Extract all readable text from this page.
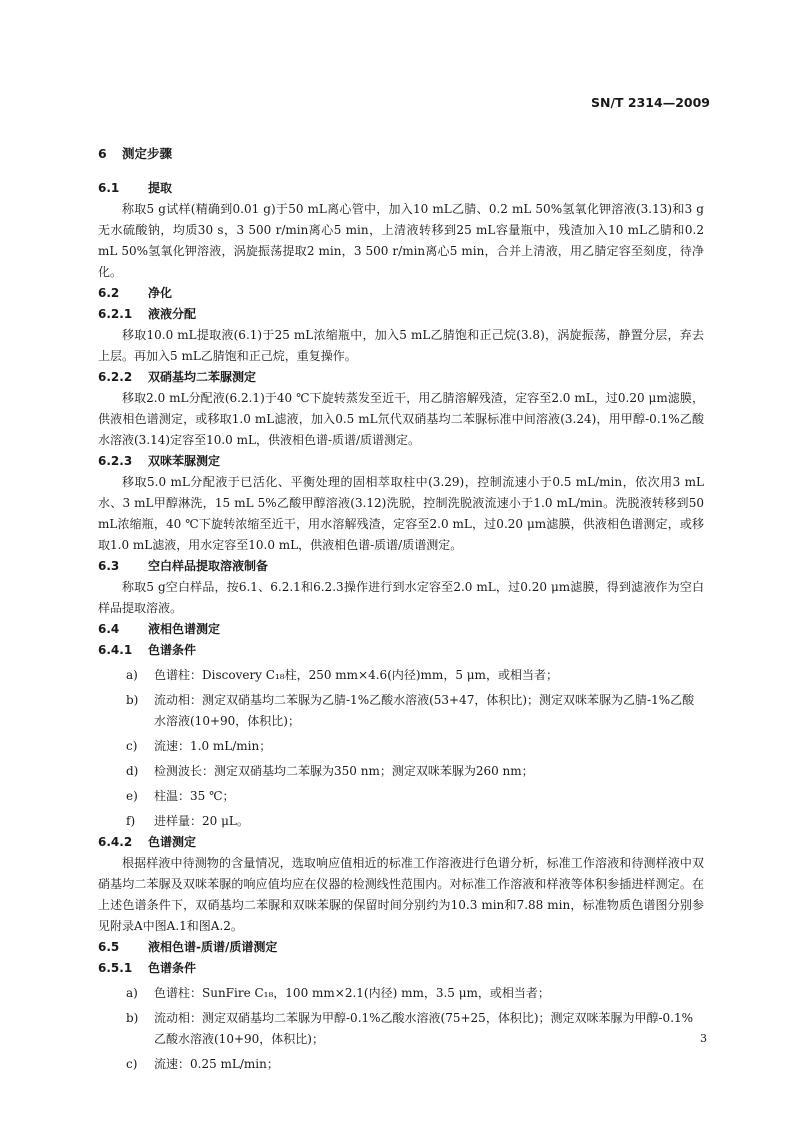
SN/T 2314—2009
6 测定步骤
6.1 提取
称取5 g试样(精确到0.01 g)于50 mL离心管中，加入10 mL乙腈、0.2 mL 50%氢氧化钾溶液(3.13)和3 g无水硫酸钠，均质30 s，3 500 r/min离心5 min，上清液转移到25 mL容量瓶中，残渣加入10 mL乙腈和0.2 mL 50%氢氧化钾溶液，涡旋振荡提取2 min，3 500 r/min离心5 min，合并上清液，用乙腈定容至刻度，待净化。
6.2 净化
6.2.1 液液分配
移取10.0 mL提取液(6.1)于25 mL浓缩瓶中，加入5 mL乙腈饱和正己烷(3.8)，涡旋振荡，静置分层，弃去上层。再加入5 mL乙腈饱和正己烷，重复操作。
6.2.2 双硝基均二苯脲测定
移取2.0 mL分配液(6.2.1)于40 ℃下旋转蒸发至近干，用乙腈溶解残渣，定容至2.0 mL，过0.20 μm滤膜，供液相色谱测定，或移取1.0 mL滤液，加入0.5 mL氘代双硝基均二苯脲标准中间溶液(3.24)，用甲醇-0.1%乙酸水溶液(3.14)定容至10.0 mL，供液相色谱-质谱/质谱测定。
6.2.3 双咪苯脲测定
移取5.0 mL分配液于已活化、平衡处理的固相萃取柱中(3.29)，控制流速小于0.5 mL/min，依次用3 mL水、3 mL甲醇淋洗，15 mL 5%乙酸甲醇溶液(3.12)洗脱，控制洗脱液流速小于1.0 mL/min。洗脱液转移到50 mL浓缩瓶，40 ℃下旋转浓缩至近干，用水溶解残渣，定容至2.0 mL，过0.20 μm滤膜，供液相色谱测定，或移取1.0 mL滤液，用水定容至10.0 mL，供液相色谱-质谱/质谱测定。
6.3 空白样品提取溶液制备
称取5 g空白样品，按6.1、6.2.1和6.2.3操作进行到水定容至2.0 mL，过0.20 μm滤膜，得到滤液作为空白样品提取溶液。
6.4 液相色谱测定
6.4.1 色谱条件
a) 色谱柱：Discovery C₁₈柱，250 mm×4.6(内径)mm，5 μm，或相当者；
b) 流动相：测定双硝基均二苯脲为乙腈-1%乙酸水溶液(53+47，体积比)；测定双咪苯脲为乙腈-1%乙酸水溶液(10+90，体积比)；
c) 流速：1.0 mL/min；
d) 检测波长：测定双硝基均二苯脲为350 nm；测定双咪苯脲为260 nm；
e) 柱温：35 ℃；
f) 进样量：20 μL。
6.4.2 色谱测定
根据样液中待测物的含量情况，选取响应值相近的标准工作溶液进行色谱分析，标准工作溶液和待测样液中双硝基均二苯脲及双咪苯脲的响应值均应在仪器的检测线性范围内。对标准工作溶液和样液等体积参插进样测定。在上述色谱条件下，双硝基均二苯脲和双咪苯脲的保留时间分别约为10.3 min和7.88 min，标准物质色谱图分别参见附录A中图A.1和图A.2。
6.5 液相色谱-质谱/质谱测定
6.5.1 色谱条件
a) 色谱柱：SunFire C₁₈，100 mm×2.1(内径) mm，3.5 μm，或相当者；
b) 流动相：测定双硝基均二苯脲为甲醇-0.1%乙酸水溶液(75+25，体积比)；测定双咪苯脲为甲醇-0.1%乙酸水溶液(10+90，体积比)；
c) 流速：0.25 mL/min；
3
